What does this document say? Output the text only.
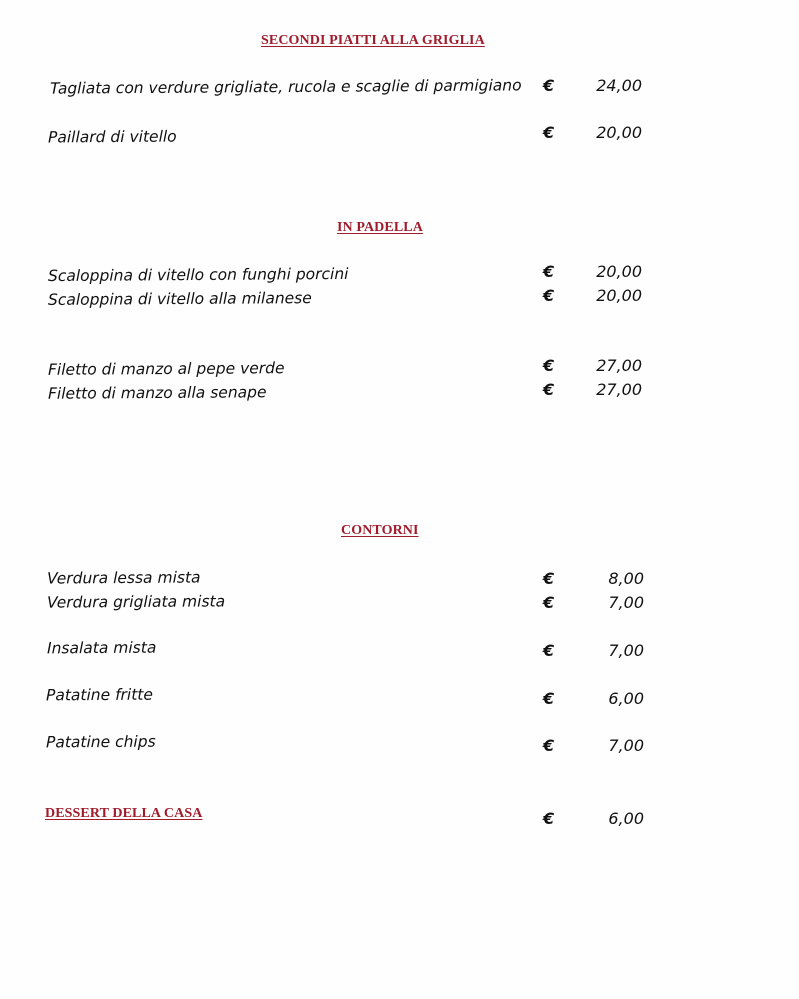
SECONDI PIATTI ALLA GRIGLIA
Tagliata con verdure grigliate, rucola e scaglie di parmigiano €	24,00
Paillard di vitello	€	20,00
IN PADELLA
Scaloppina di vitello con funghi porcini	€	20,00
Scaloppina di vitello alla milanese	€	20,00
Filetto di manzo al pepe verde	€	27,00
Filetto di manzo alla senape	€	27,00
CONTORNI
Verdura lessa mista	€	8,00
Verdura grigliata mista	€	7,00
Insalata mista	€	7,00
Patatine fritte	€	6,00
Patatine chips	€	7,00
DESSERT DELLA CASA	€	6,00
